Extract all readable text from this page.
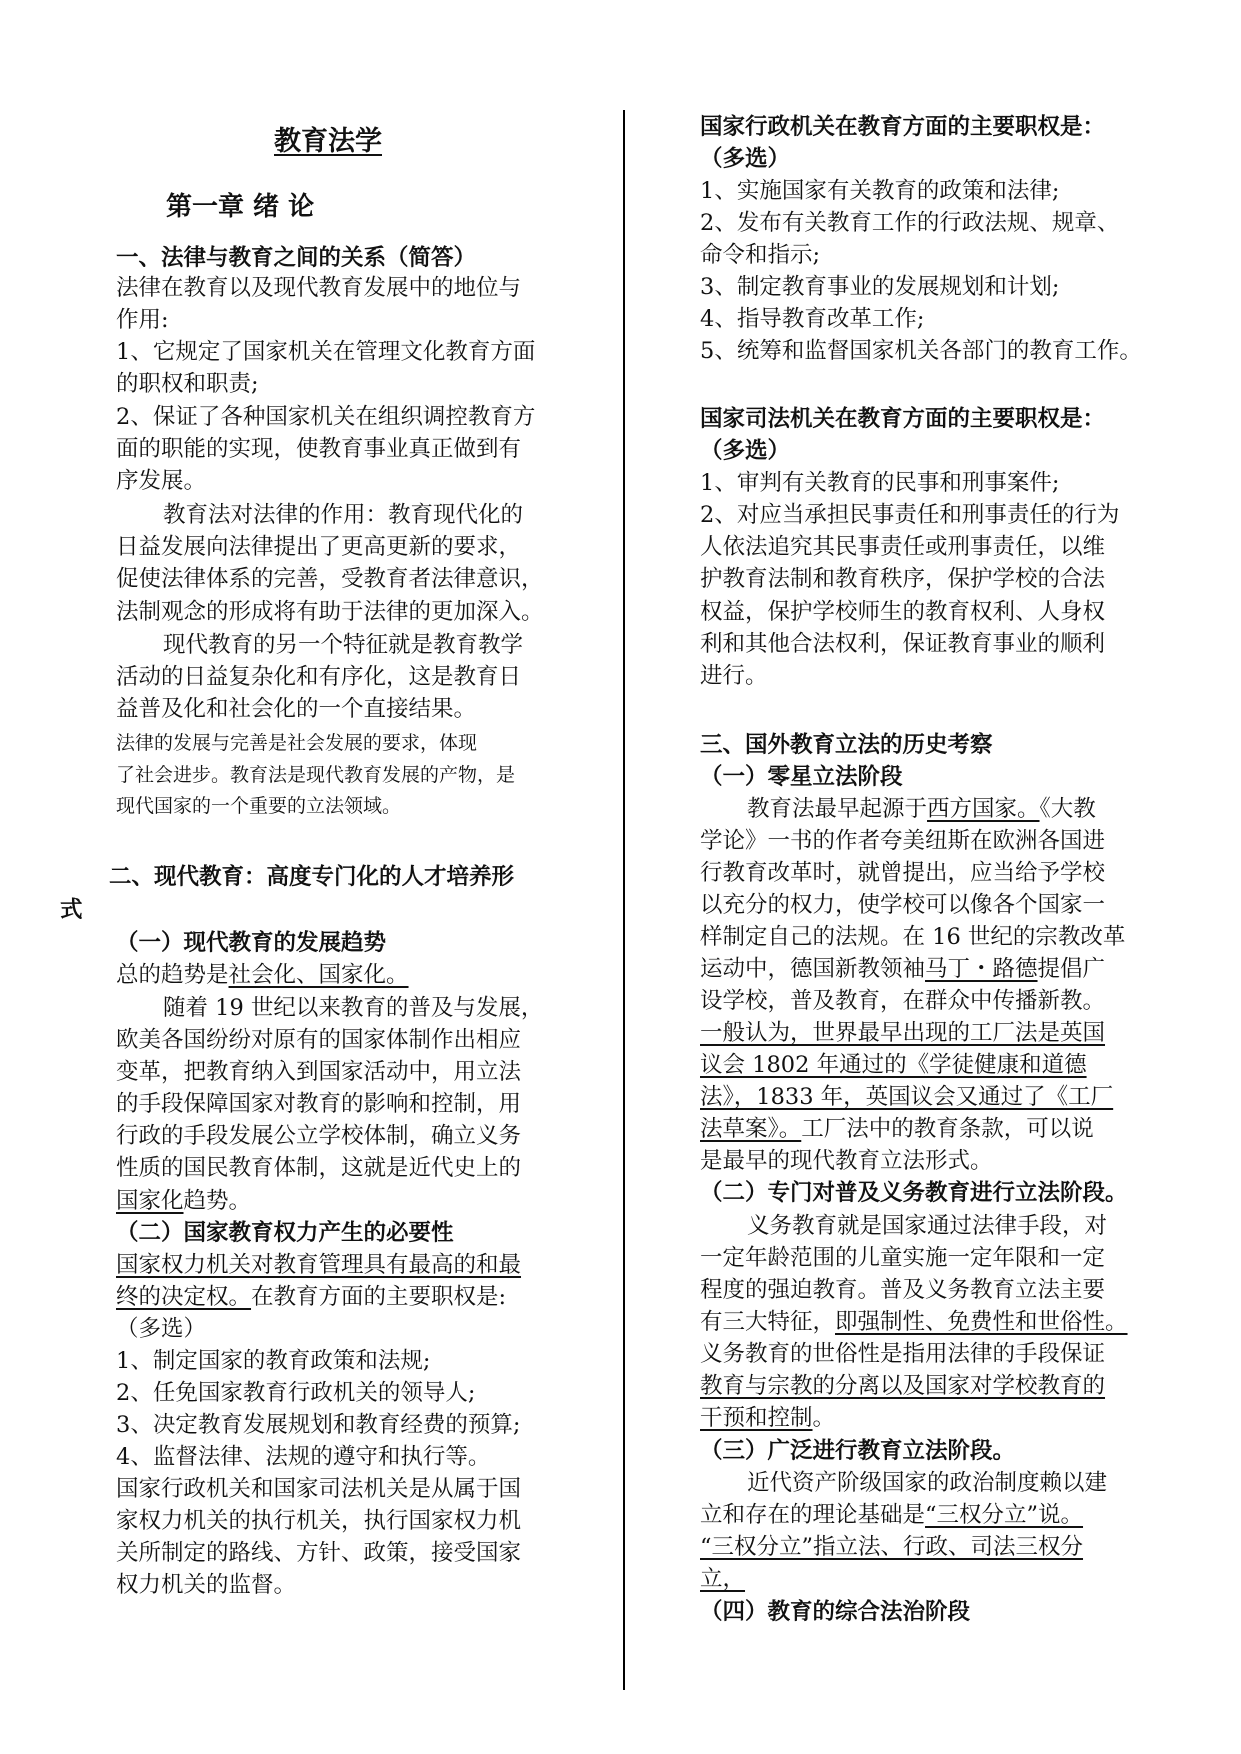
教育法学
第一章 绪 论
一、法律与教育之间的关系（简答）
法律在教育以及现代教育发展中的地位与
作用:
1、它规定了国家机关在管理文化教育方面
的职权和职责;
2、保证了各种国家机关在组织调控教育方
面的职能的实现，使教育事业真正做到有
序发展。
教育法对法律的作用：教育现代化的
日益发展向法律提出了更高更新的要求，
促使法律体系的完善，受教育者法律意识，
法制观念的形成将有助于法律的更加深入。
现代教育的另一个特征就是教育教学
活动的日益复杂化和有序化，这是教育日
益普及化和社会化的一个直接结果。
法律的发展与完善是社会发展的要求，体现
了社会进步。教育法是现代教育发展的产物，是
现代国家的一个重要的立法领域。
二、现代教育：高度专门化的人才培养形
式
（一）现代教育的发展趋势
总的趋势是社会化、国家化。
随着 19 世纪以来教育的普及与发展，
欧美各国纷纷对原有的国家体制作出相应
变革，把教育纳入到国家活动中，用立法
的手段保障国家对教育的影响和控制，用
行政的手段发展公立学校体制，确立义务
性质的国民教育体制，这就是近代史上的
国家化趋势。
（二）国家教育权力产生的必要性
国家权力机关对教育管理具有最高的和最
终的决定权。在教育方面的主要职权是:
（多选）
1、制定国家的教育政策和法规;
2、任免国家教育行政机关的领导人;
3、决定教育发展规划和教育经费的预算;
4、监督法律、法规的遵守和执行等。
国家行政机关和国家司法机关是从属于国
家权力机关的执行机关，执行国家权力机
关所制定的路线、方针、政策，接受国家
权力机关的监督。
国家行政机关在教育方面的主要职权是：
（多选）
1、实施国家有关教育的政策和法律;
2、发布有关教育工作的行政法规、规章、
命令和指示;
3、制定教育事业的发展规划和计划;
4、指导教育改革工作;
5、统筹和监督国家机关各部门的教育工作。
国家司法机关在教育方面的主要职权是：
（多选）
1、审判有关教育的民事和刑事案件;
2、对应当承担民事责任和刑事责任的行为
人依法追究其民事责任或刑事责任，以维
护教育法制和教育秩序，保护学校的合法
权益，保护学校师生的教育权利、人身权
利和其他合法权利，保证教育事业的顺利
进行。
三、国外教育立法的历史考察
（一）零星立法阶段
教育法最早起源于西方国家。《大教
学论》一书的作者夸美纽斯在欧洲各国进
行教育改革时，就曾提出，应当给予学校
以充分的权力，使学校可以像各个国家一
样制定自己的法规。在 16 世纪的宗教改革
运动中，德国新教领袖马丁・路德提倡广
设学校，普及教育，在群众中传播新教。
一般认为，世界最早出现的工厂法是英国
议会 1802 年通过的《学徒健康和道德
法》，1833 年，英国议会又通过了《工厂
法草案》。工厂法中的教育条款，可以说
是最早的现代教育立法形式。
（二）专门对普及义务教育进行立法阶段。
义务教育就是国家通过法律手段，对
一定年龄范围的儿童实施一定年限和一定
程度的强迫教育。普及义务教育立法主要
有三大特征，即强制性、免费性和世俗性。
义务教育的世俗性是指用法律的手段保证
教育与宗教的分离以及国家对学校教育的
干预和控制。
（三）广泛进行教育立法阶段。
近代资产阶级国家的政治制度赖以建
立和存在的理论基础是“三权分立”说。
“三权分立”指立法、行政、司法三权分
立，
（四）教育的综合法治阶段
